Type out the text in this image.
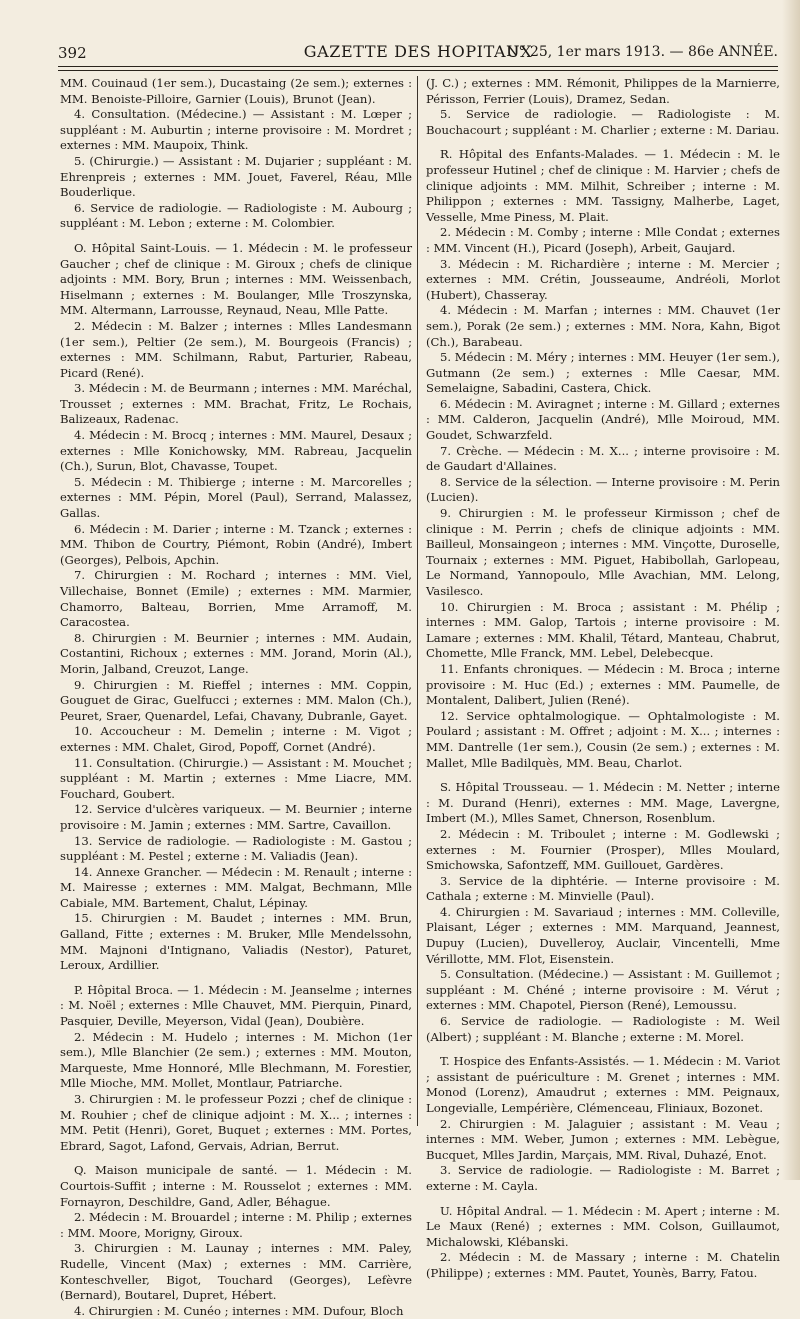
392	GAZETTE DES HOPITAUX
N° 25, 1er mars 1913. — 86e ANNÉE.

MM. Couinaud (1er sem.), Ducastaing (2e sem.); externes : MM. Benoiste-Pilloire, Garnier (Louis), Brunot (Jean).

4. Consultation. (Médecine.) — Assistant : M. Lœper ; suppléant : M. Auburtin ; interne provisoire : M. Mordret ; externes : MM. Maupoix, Think.

5. (Chirurgie.) — Assistant : M. Dujarier ; suppléant : M. Ehrenpreis ; externes : MM. Jouet, Faverel, Réau, Mlle Bouderlique.

6. Service de radiologie. — Radiologiste : M. Aubourg ; suppléant : M. Lebon ; externe : M. Colombier.

O. Hôpital Saint-Louis. — 1. Médecin : M. le professeur Gaucher ; chef de clinique : M. Giroux ; chefs de clinique adjoints : MM. Bory, Brun ; internes : MM. Weissenbach, Hiselmann ; externes : M. Boulanger, Mlle Troszynska, MM. Altermann, Larrousse, Reynaud, Neau, Mlle Patte.

2. Médecin : M. Balzer ; internes : Mlles Landesmann (1er sem.), Peltier (2e sem.), M. Bourgeois (Francis) ; externes : MM. Schilmann, Rabut, Parturier, Rabeau, Picard (René).

3. Médecin : M. de Beurmann ; internes : MM. Maréchal, Trousset ; externes : MM. Brachat, Fritz, Le Rochais, Balizeaux, Radenac.

4. Médecin : M. Brocq ; internes : MM. Maurel, Desaux ; externes : Mlle Konichowsky, MM. Rabreau, Jacquelin (Ch.), Surun, Blot, Chavasse, Toupet.

5. Médecin : M. Thibierge ; interne : M. Marcorelles ; externes : MM. Pépin, Morel (Paul), Serrand, Malassez, Gallas.

6. Médecin : M. Darier ; interne : M. Tzanck ; externes : MM. Thibon de Courtry, Piémont, Robin (André), Imbert (Georges), Pelbois, Apchin.

7. Chirurgien : M. Rochard ; internes : MM. Viel, Villechaise, Bonnet (Emile) ; externes : MM. Marmier, Chamorro, Balteau, Borrien, Mme Arramoff, M. Caracostea.

8. Chirurgien : M. Beurnier ; internes : MM. Audain, Costantini, Richoux ; externes : MM. Jorand, Morin (Al.), Morin, Jalband, Creuzot, Lange.

9. Chirurgien : M. Rieffel ; internes : MM. Coppin, Gouguet de Girac, Guelfucci ; externes : MM. Malon (Ch.), Peuret, Sraer, Quenardel, Lefai, Chavany, Dubranle, Gayet.

10. Accoucheur : M. Demelin ; interne : M. Vigot ; externes : MM. Chalet, Girod, Popoff, Cornet (André).

11. Consultation. (Chirurgie.) — Assistant : M. Mouchet ; suppléant : M. Martin ; externes : Mme Liacre, MM. Fouchard, Goubert.

12. Service d'ulcères variqueux. — M. Beurnier ; interne provisoire : M. Jamin ; externes : MM. Sartre, Cavaillon.

13. Service de radiologie. — Radiologiste : M. Gastou ; suppléant : M. Pestel ; externe : M. Valiadis (Jean).

14. Annexe Grancher. — Médecin : M. Renault ; interne : M. Mairesse ; externes : MM. Malgat, Bechmann, Mlle Cabiale, MM. Bartement, Chalut, Lépinay.

15. Chirurgien : M. Baudet ; internes : MM. Brun, Galland, Fitte ; externes : M. Bruker, Mlle Mendelssohn, MM. Majnoni d'Intignano, Valiadis (Nestor), Paturet, Leroux, Ardillier.

P. Hôpital Broca. — 1. Médecin : M. Jeanselme ; internes : M. Noël ; externes : Mlle Chauvet, MM. Pierquin, Pinard, Pasquier, Deville, Meyerson, Vidal (Jean), Doubière.

2. Médecin : M. Hudelo ; internes : M. Michon (1er sem.), Mlle Blanchier (2e sem.) ; externes : MM. Mouton, Marqueste, Mme Honnoré, Mlle Blechmann, M. Forestier, Mlle Mioche, MM. Mollet, Montlaur, Patriarche.

3. Chirurgien : M. le professeur Pozzi ; chef de clinique : M. Rouhier ; chef de clinique adjoint : M. X... ; internes : MM. Petit (Henri), Goret, Buquet ; externes : MM. Portes, Ebrard, Sagot, Lafond, Gervais, Adrian, Berrut.

Q. Maison municipale de santé. — 1. Médecin : M. Courtois-Suffit ; interne : M. Rousselot ; externes : MM. Fornayron, Deschildre, Gand, Adler, Béhague.

2. Médecin : M. Brouardel ; interne : M. Philip ; externes : MM. Moore, Morigny, Giroux.

3. Chirurgien : M. Launay ; internes : MM. Paley, Rudelle, Vincent (Max) ; externes : MM. Carrière, Konteschveller, Bigot, Touchard (Georges), Lefèvre (Bernard), Boutarel, Dupret, Hébert.

4. Chirurgien : M. Cunéo ; internes : MM. Dufour, Bloch

(J. C.) ; externes : MM. Rémonit, Philippes de la Marnierre, Périsson, Ferrier (Louis), Dramez, Sedan.

5. Service de radiologie. — Radiologiste : M. Bouchacourt ; suppléant : M. Charlier ; externe : M. Dariau.

R. Hôpital des Enfants-Malades. — 1. Médecin : M. le professeur Hutinel ; chef de clinique : M. Harvier ; chefs de clinique adjoints : MM. Milhit, Schreiber ; interne : M. Philippon ; externes : MM. Tassigny, Malherbe, Laget, Vesselle, Mme Piness, M. Plait.

2. Médecin : M. Comby ; interne : Mlle Condat ; externes : MM. Vincent (H.), Picard (Joseph), Arbeit, Gaujard.

3. Médecin : M. Richardière ; interne : M. Mercier ; externes : MM. Crétin, Jousseaume, Andréoli, Morlot (Hubert), Chasseray.

4. Médecin : M. Marfan ; internes : MM. Chauvet (1er sem.), Porak (2e sem.) ; externes : MM. Nora, Kahn, Bigot (Ch.), Barabeau.

5. Médecin : M. Méry ; internes : MM. Heuyer (1er sem.), Gutmann (2e sem.) ; externes : Mlle Caesar, MM. Semelaigne, Sabadini, Castera, Chick.

6. Médecin : M. Aviragnet ; interne : M. Gillard ; externes : MM. Calderon, Jacquelin (André), Mlle Moiroud, MM. Goudet, Schwarzfeld.

7. Crèche. — Médecin : M. X... ; interne provisoire : M. de Gaudart d'Allaines.

8. Service de la sélection. — Interne provisoire : M. Perin (Lucien).

9. Chirurgien : M. le professeur Kirmisson ; chef de clinique : M. Perrin ; chefs de clinique adjoints : MM. Bailleul, Monsaingeon ; internes : MM. Vinçotte, Duroselle, Tournaix ; externes : MM. Piguet, Habibollah, Garlopeau, Le Normand, Yannopoulo, Mlle Avachian, MM. Lelong, Vasilesco.

10. Chirurgien : M. Broca ; assistant : M. Phélip ; internes : MM. Galop, Tartois ; interne provisoire : M. Lamare ; externes : MM. Khalil, Tétard, Manteau, Chabrut, Chomette, Mlle Franck, MM. Lebel, Delebecque.

11. Enfants chroniques. — Médecin : M. Broca ; interne provisoire : M. Huc (Ed.) ; externes : MM. Paumelle, de Montalent, Dalibert, Julien (René).

12. Service ophtalmologique. — Ophtalmologiste : M. Poulard ; assistant : M. Offret ; adjoint : M. X... ; internes : MM. Dantrelle (1er sem.), Cousin (2e sem.) ; externes : M. Mallet, Mlle Badilquès, MM. Beau, Charlot.

S. Hôpital Trousseau. — 1. Médecin : M. Netter ; interne : M. Durand (Henri), externes : MM. Mage, Lavergne, Imbert (M.), Mlles Samet, Chnerson, Rosenblum.

2. Médecin : M. Triboulet ; interne : M. Godlewski ; externes : M. Fournier (Prosper), Mlles Moulard, Smichowska, Safontzeff, MM. Guillouet, Gardères.

3. Service de la diphtérie. — Interne provisoire : M. Cathala ; externe : M. Minvielle (Paul).

4. Chirurgien : M. Savariaud ; internes : MM. Colleville, Plaisant, Léger ; externes : MM. Marquand, Jeannest, Dupuy (Lucien), Duvelleroy, Auclair, Vincentelli, Mme Vérillotte, MM. Flot, Eisenstein.

5. Consultation. (Médecine.) — Assistant : M. Guillemot ; suppléant : M. Chéné ; interne provisoire : M. Vérut ; externes : MM. Chapotel, Pierson (René), Lemoussu.

6. Service de radiologie. — Radiologiste : M. Weil (Albert) ; suppléant : M. Blanche ; externe : M. Morel.

T. Hospice des Enfants-Assistés. — 1. Médecin : M. Variot ; assistant de puériculture : M. Grenet ; internes : MM. Monod (Lorenz), Amaudrut ; externes : MM. Peignaux, Longevialle, Lempérière, Clémenceau, Fliniaux, Bozonet.

2. Chirurgien : M. Jalaguier ; assistant : M. Veau ; internes : MM. Weber, Jumon ; externes : MM. Lebègue, Bucquet, Mlles Jardin, Marçais, MM. Rival, Duhazé, Enot.

3. Service de radiologie. — Radiologiste : M. Barret ; externe : M. Cayla.

U. Hôpital Andral. — 1. Médecin : M. Apert ; interne : M. Le Maux (René) ; externes : MM. Colson, Guillaumot, Michalowski, Klébanski.

2. Médecin : M. de Massary ; interne : M. Chatelin (Philippe) ; externes : MM. Pautet, Younès, Barry, Fatou.
